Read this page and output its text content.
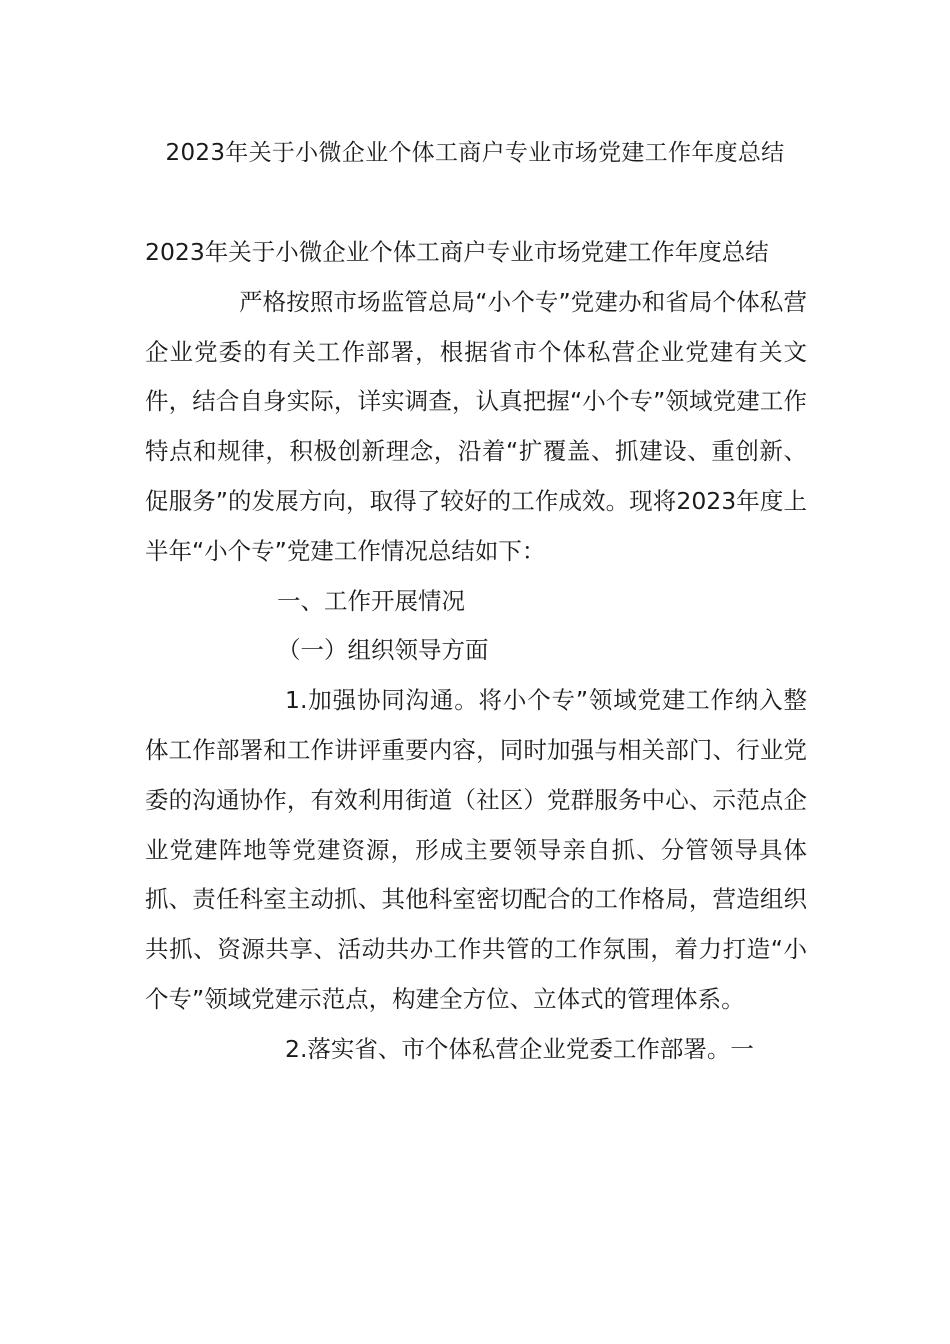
2023年关于小微企业个体工商户专业市场党建工作年度总结

2023年关于小微企业个体工商户专业市场党建工作年度总结

严格按照市场监管总局“小个专”党建办和省局个体私营企业党委的有关工作部署，根据省市个体私营企业党建有关文件，结合自身实际，详实调查，认真把握“小个专”领域党建工作特点和规律，积极创新理念，沿着“扩覆盖、抓建设、重创新、促服务”的发展方向，取得了较好的工作成效。现将2023年度上半年“小个专”党建工作情况总结如下：

一、工作开展情况

（一）组织领导方面

1.加强协同沟通。将小个专”领域党建工作纳入整体工作部署和工作讲评重要内容，同时加强与相关部门、行业党委的沟通协作，有效利用街道（社区）党群服务中心、示范点企业党建阵地等党建资源，形成主要领导亲自抓、分管领导具体抓、责任科室主动抓、其他科室密切配合的工作格局，营造组织共抓、资源共享、活动共办工作共管的工作氛围，着力打造“小个专”领域党建示范点，构建全方位、立体式的管理体系。

2.落实省、市个体私营企业党委工作部署。一
